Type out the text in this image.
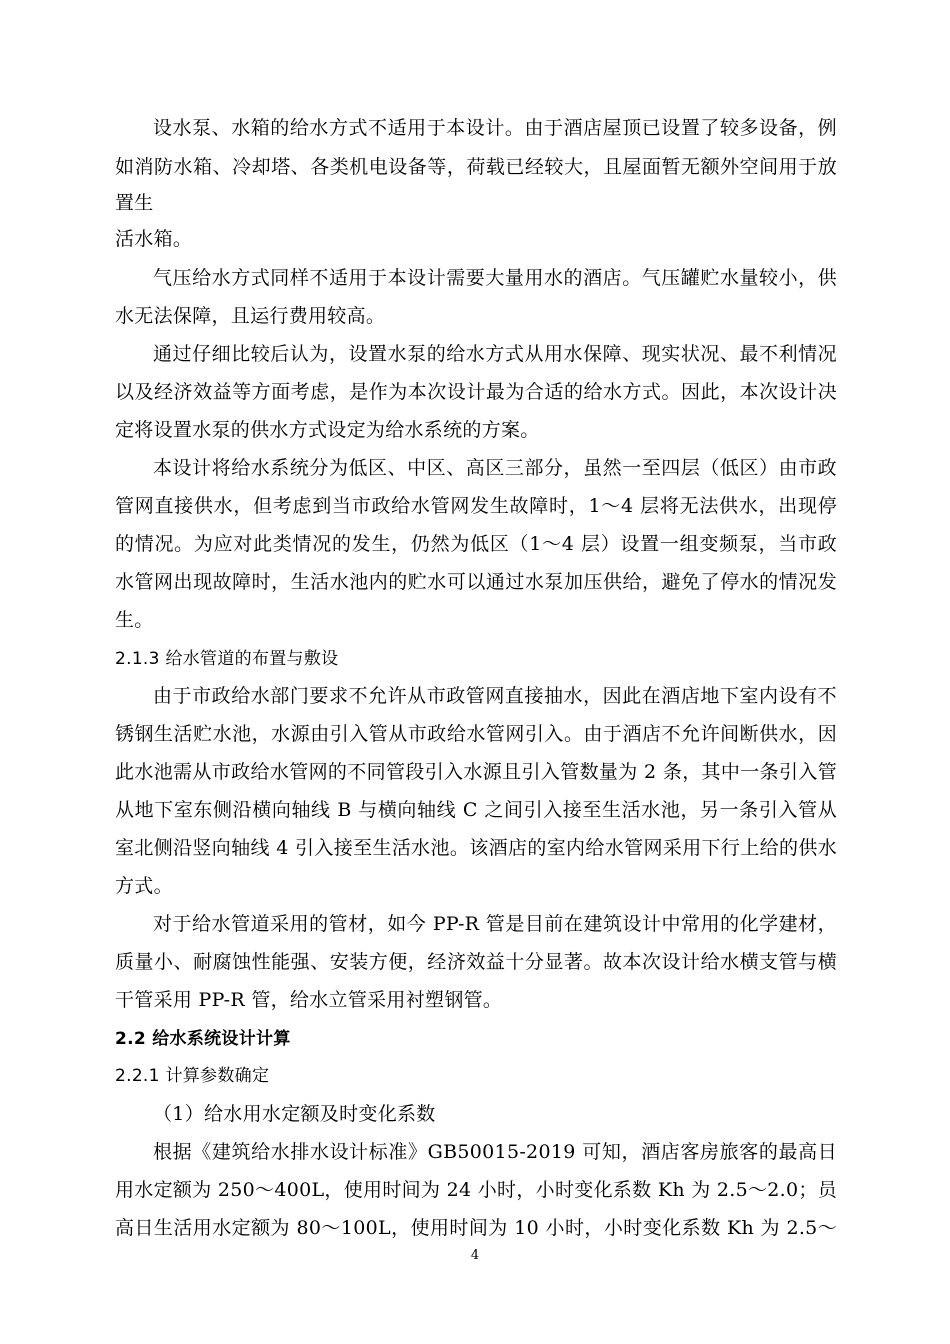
设水泵、水箱的给水方式不适用于本设计。由于酒店屋顶已设置了较多设备，例
如消防水箱、冷却塔、各类机电设备等，荷载已经较大，且屋面暂无额外空间用于放
置生
活水箱。
气压给水方式同样不适用于本设计需要大量用水的酒店。气压罐贮水量较小，供
水无法保障，且运行费用较高。
通过仔细比较后认为，设置水泵的给水方式从用水保障、现实状况、最不利情况
以及经济效益等方面考虑，是作为本次设计最为合适的给水方式。因此，本次设计决
定将设置水泵的供水方式设定为给水系统的方案。
本设计将给水系统分为低区、中区、高区三部分，虽然一至四层（低区）由市政
管网直接供水，但考虑到当市政给水管网发生故障时，1～4 层将无法供水，出现停
的情况。为应对此类情况的发生，仍然为低区（1～4 层）设置一组变频泵，当市政
水管网出现故障时，生活水池内的贮水可以通过水泵加压供给，避免了停水的情况发
生。
2.1.3 给水管道的布置与敷设
由于市政给水部门要求不允许从市政管网直接抽水，因此在酒店地下室内设有不
锈钢生活贮水池，水源由引入管从市政给水管网引入。由于酒店不允许间断供水，因
此水池需从市政给水管网的不同管段引入水源且引入管数量为 2 条，其中一条引入管
从地下室东侧沿横向轴线 B 与横向轴线 C 之间引入接至生活水池，另一条引入管从
室北侧沿竖向轴线 4 引入接至生活水池。该酒店的室内给水管网采用下行上给的供水
方式。
对于给水管道采用的管材，如今 PP-R 管是目前在建筑设计中常用的化学建材，
质量小、耐腐蚀性能强、安装方便，经济效益十分显著。故本次设计给水横支管与横
干管采用 PP-R 管，给水立管采用衬塑钢管。
2.2 给水系统设计计算
2.2.1 计算参数确定
（1）给水用水定额及时变化系数
根据《建筑给水排水设计标准》GB50015-2019 可知，酒店客房旅客的最高日
用水定额为 250～400L，使用时间为 24 小时，小时变化系数 Kh 为 2.5～2.0；员
高日生活用水定额为 80～100L，使用时间为 10 小时，小时变化系数 Kh 为 2.5～
4
